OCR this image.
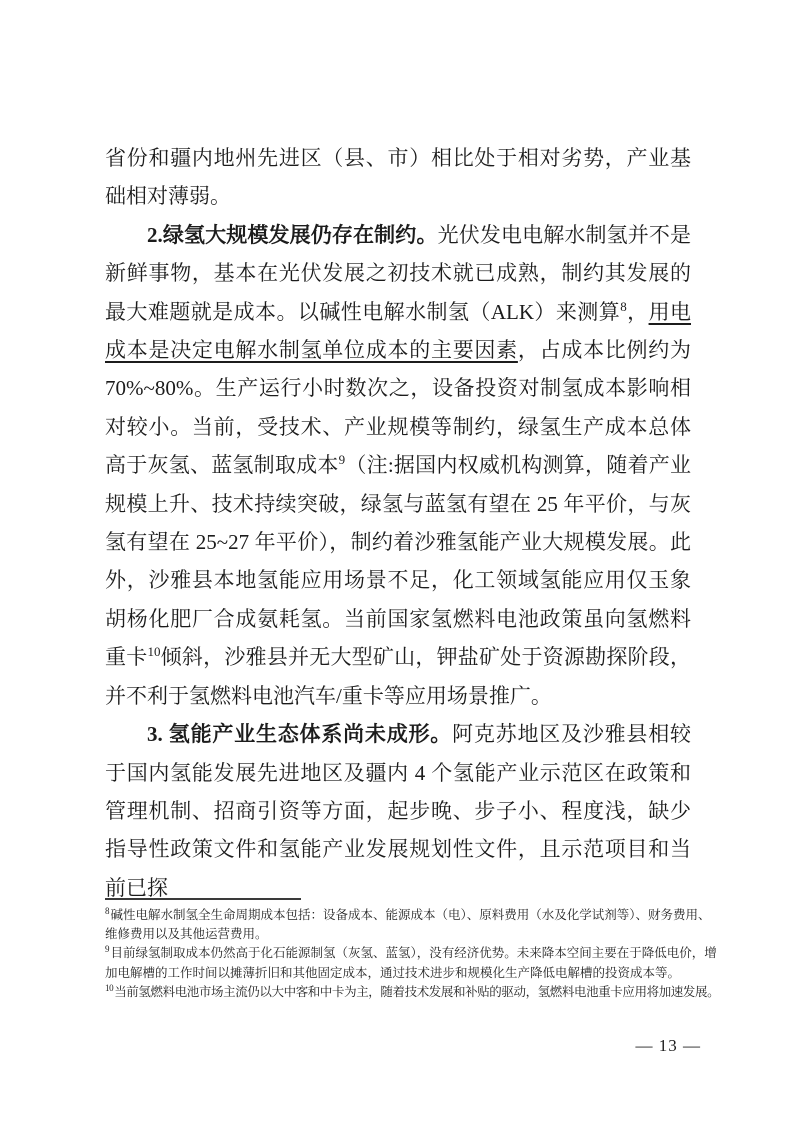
省份和疆内地州先进区（县、市）相比处于相对劣势，产业基础相对薄弱。

2.绿氢大规模发展仍存在制约。光伏发电电解水制氢并不是新鲜事物，基本在光伏发展之初技术就已成熟，制约其发展的最大难题就是成本。以碱性电解水制氢（ALK）来测算$^8$，用电成本是决定电解水制氢单位成本的主要因素，占成本比例约为70%~80%。生产运行小时数次之，设备投资对制氢成本影响相对较小。当前，受技术、产业规模等制约，绿氢生产成本总体高于灰氢、蓝氢制取成本$^9$（注:据国内权威机构测算，随着产业规模上升、技术持续突破，绿氢与蓝氢有望在 25 年平价，与灰氢有望在 25~27 年平价），制约着沙雅氢能产业大规模发展。此外，沙雅县本地氢能应用场景不足，化工领域氢能应用仅玉象胡杨化肥厂合成氨耗氢。当前国家氢燃料电池政策虽向氢燃料重卡$^{10}$倾斜，沙雅县并无大型矿山，钾盐矿处于资源勘探阶段，并不利于氢燃料电池汽车/重卡等应用场景推广。

3. 氢能产业生态体系尚未成形。阿克苏地区及沙雅县相较于国内氢能发展先进地区及疆内 4 个氢能产业示范区在政策和管理机制、招商引资等方面，起步晚、步子小、程度浅，缺少指导性政策文件和氢能产业发展规划性文件，且示范项目和当前已探

$^8$碱性电解水制氢全生命周期成本包括：设备成本、能源成本（电）、原料费用（水及化学试剂等）、财务费用、
维修费用以及其他运营费用。
$^9$目前绿氢制取成本仍然高于化石能源制氢（灰氢、蓝氢），没有经济优势。未来降本空间主要在于降低电价，增
加电解槽的工作时间以摊薄折旧和其他固定成本，通过技术进步和规模化生产降低电解槽的投资成本等。
$^{10}$当前氢燃料电池市场主流仍以大中客和中卡为主，随着技术发展和补贴的驱动，氢燃料电池重卡应用将加速发展。
— 13 —
